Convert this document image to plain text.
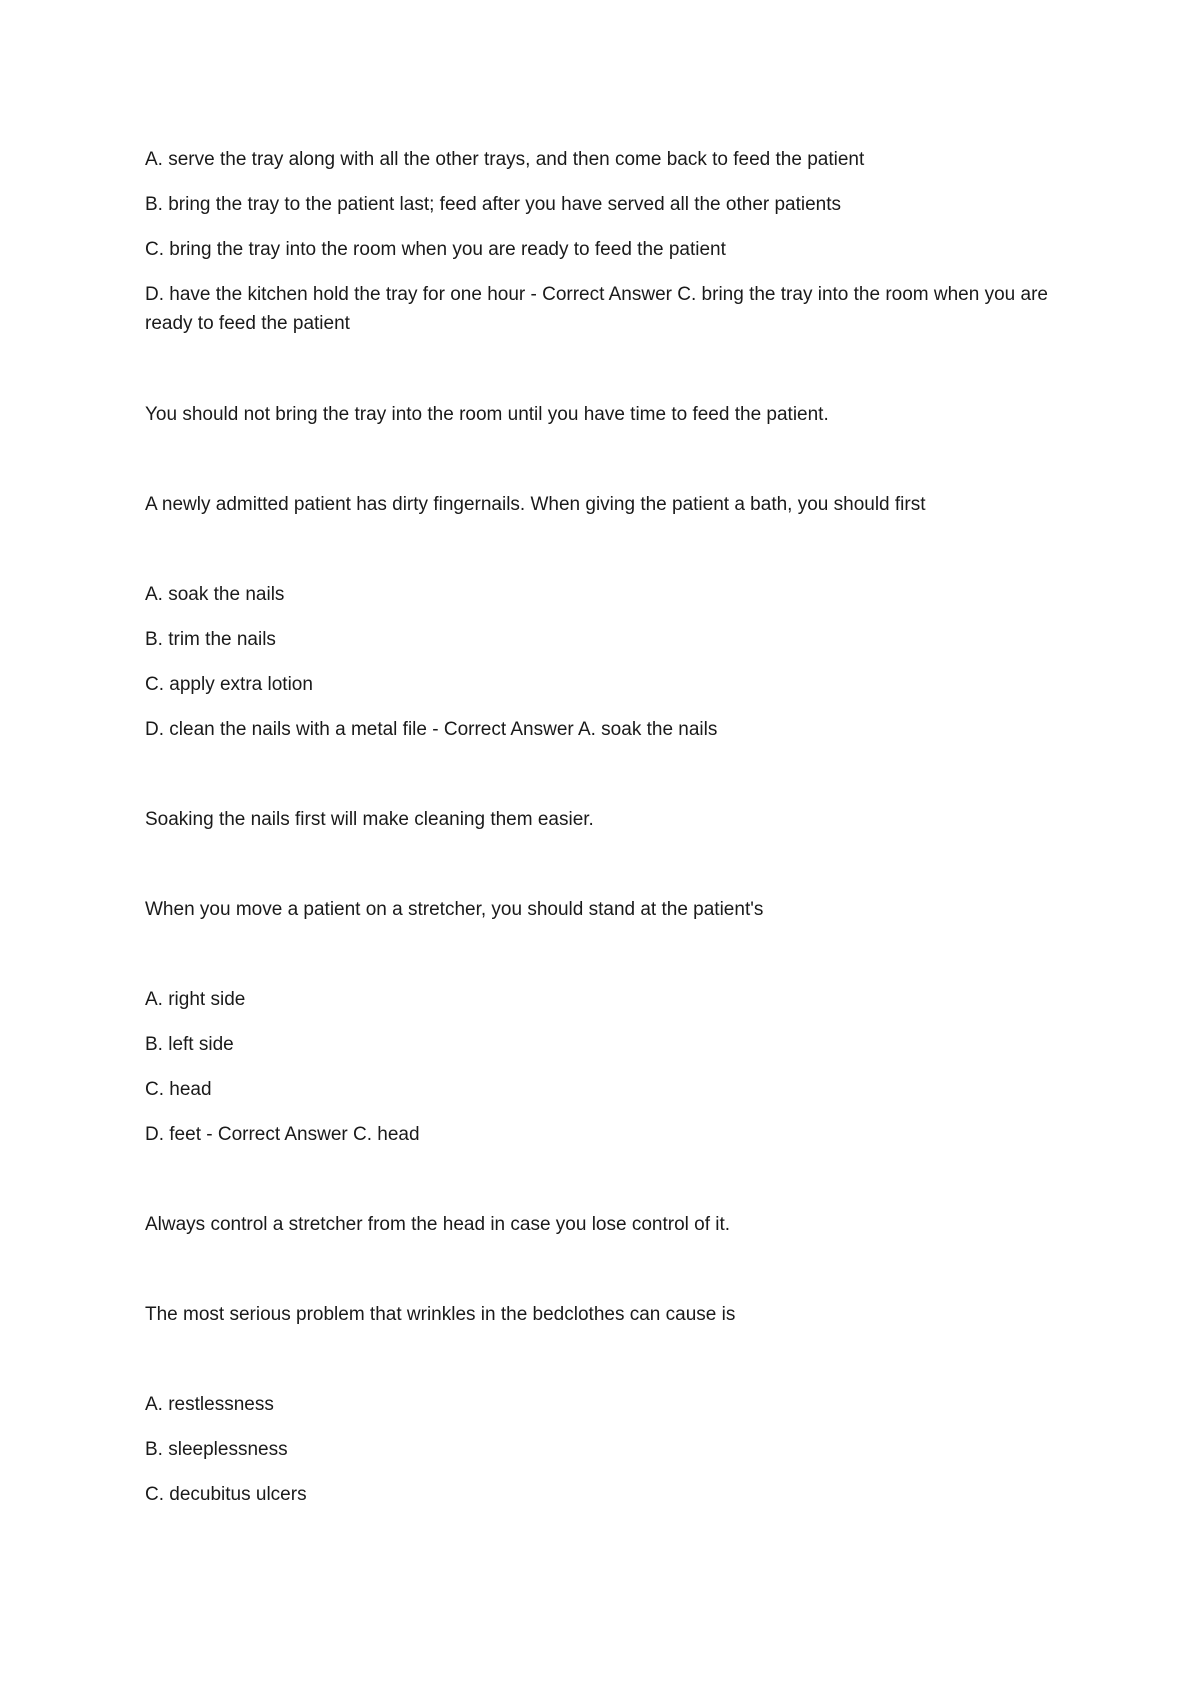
A. serve the tray along with all the other trays, and then come back to feed the patient

B. bring the tray to the patient last; feed after you have served all the other patients

C. bring the tray into the room when you are ready to feed the patient

D. have the kitchen hold the tray for one hour - Correct Answer C. bring the tray into the room when you are ready to feed the patient

You should not bring the tray into the room until you have time to feed the patient.

A newly admitted patient has dirty fingernails. When giving the patient a bath, you should first

A. soak the nails

B. trim the nails

C. apply extra lotion

D. clean the nails with a metal file - Correct Answer A. soak the nails

Soaking the nails first will make cleaning them easier.

When you move a patient on a stretcher, you should stand at the patient's

A. right side

B. left side

C. head

D. feet - Correct Answer C. head

Always control a stretcher from the head in case you lose control of it.

The most serious problem that wrinkles in the bedclothes can cause is

A. restlessness

B. sleeplessness

C. decubitus ulcers
